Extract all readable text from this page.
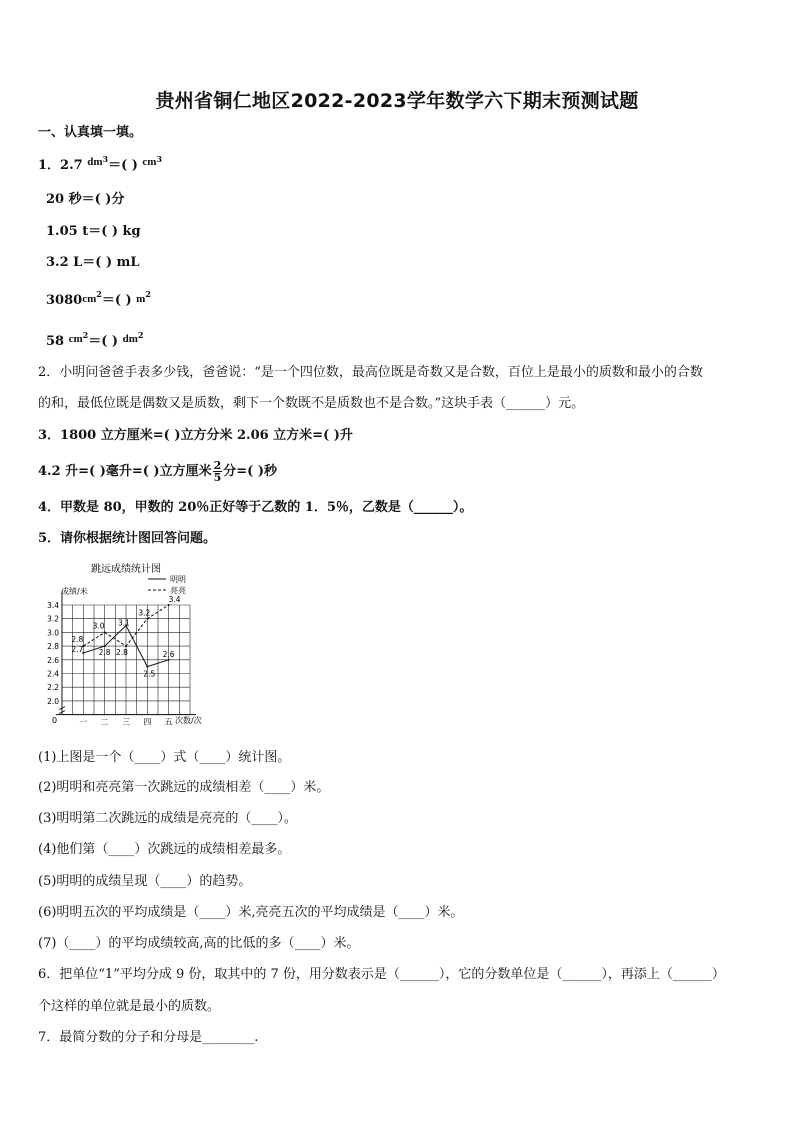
贵州省铜仁地区2022-2023学年数学六下期末预测试题
一、认真填一填。
1．2.7 $^{dm3}$＝( ) $^{cm3}$
20 秒＝( )分
1.05 t＝( ) kg
3.2 L＝( ) mL
$3080cm^2=$( ) $m^2$
58 $^{cm2}$＝( ) $^{dm2}$
2．小明问爸爸手表多少钱，爸爸说：“是一个四位数，最高位既是奇数又是合数，百位上是最小的质数和最小的合数
的和，最低位既是偶数又是质数，剩下一个数既不是质数也不是合数。”这块手表（______）元。
3．1800 立方厘米=( )立方分米 2.06 立方米=( )升
4.2 升=( )毫升=( )立方厘米 $\frac{2}{5}$ 分=( )秒
4．甲数是 80，甲数的 20％正好等于乙数的 1．5％，乙数是（______）。
5．请你根据统计图回答问题。
跳远成绩统计图
成绩/米
次数/次
0
2.0
2.2
2.4
2.6
2.8
3.0
3.2
3.4
一 二 三 四 五
明明
亮亮
2.7 2.8
3.1
2.5
2.6
2.8
3.0
2.8
3.2
3.4
(1)上图是一个（____）式（____）统计图。
(2)明明和亮亮第一次跳远的成绩相差（____）米。
(3)明明第二次跳远的成绩是亮亮的（____）。
(4)他们第（____）次跳远的成绩相差最多。
(5)明明的成绩呈现（____）的趋势。
(6)明明五次的平均成绩是（____）米,亮亮五次的平均成绩是（____）米。
(7)（____）的平均成绩较高,高的比低的多（____）米。
6．把单位“1”平均分成 9 份，取其中的 7 份，用分数表示是（______），它的分数单位是（______），再添上（______）
个这样的单位就是最小的质数。
7．最简分数的分子和分母是________.
